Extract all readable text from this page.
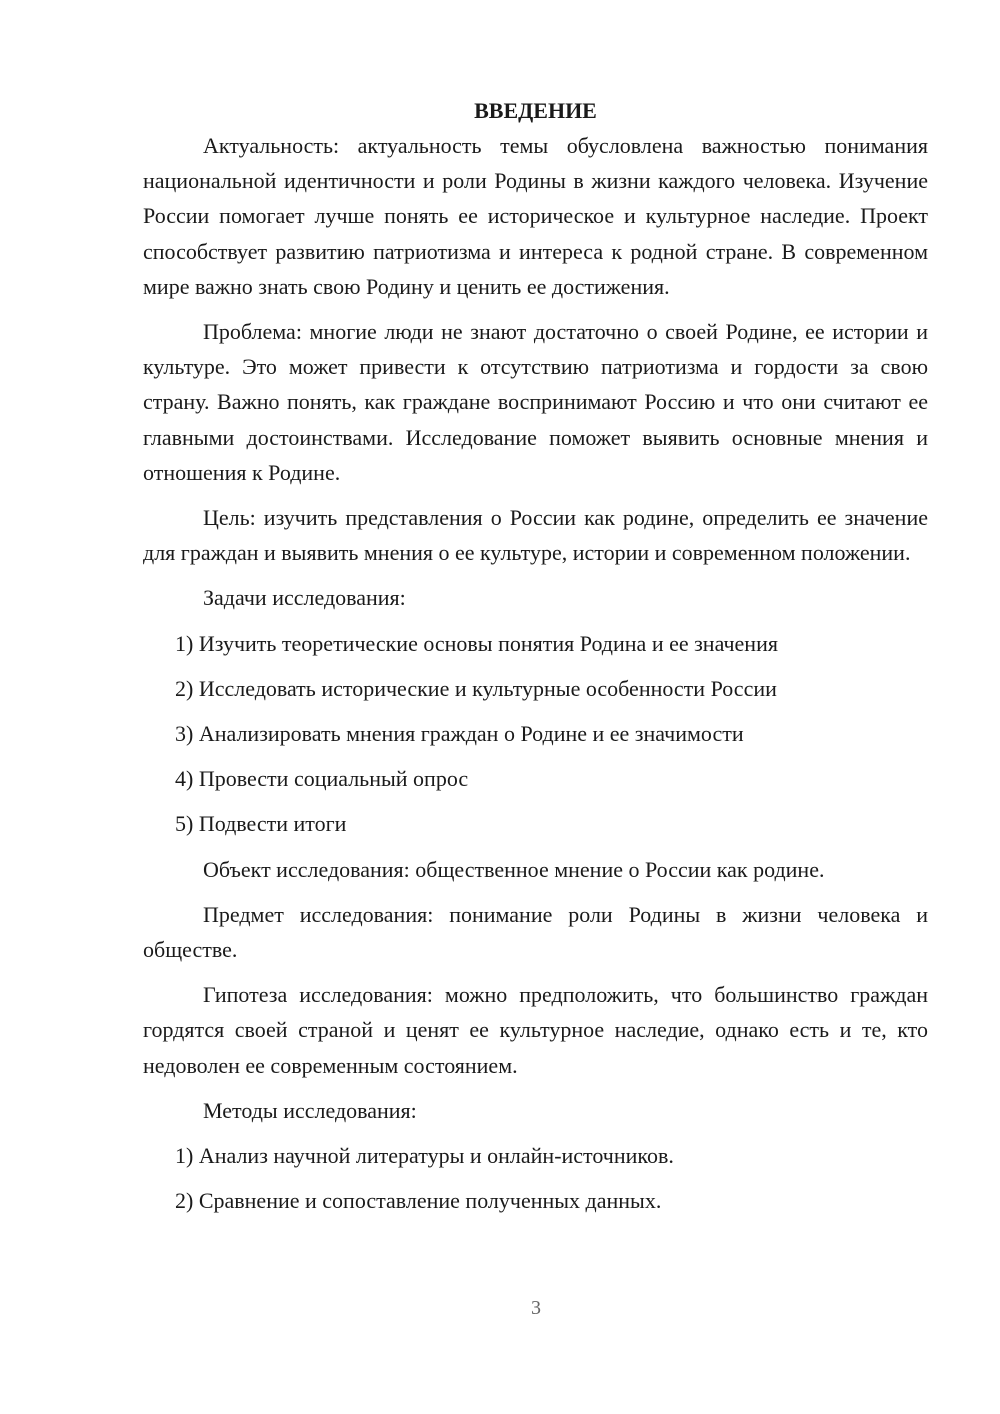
ВВЕДЕНИЕ

Актуальность: актуальность темы обусловлена важностью понимания национальной идентичности и роли Родины в жизни каждого человека. Изучение России помогает лучше понять ее историческое и культурное наследие. Проект способствует развитию патриотизма и интереса к родной стране. В современном мире важно знать свою Родину и ценить ее достижения.

Проблема: многие люди не знают достаточно о своей Родине, ее истории и культуре. Это может привести к отсутствию патриотизма и гордости за свою страну. Важно понять, как граждане воспринимают Россию и что они считают ее главными достоинствами. Исследование поможет выявить основные мнения и отношения к Родине.

Цель: изучить представления о России как родине, определить ее значение для граждан и выявить мнения о ее культуре, истории и современном положении.

Задачи исследования:

1) Изучить теоретические основы понятия Родина и ее значения
2) Исследовать исторические и культурные особенности России
3) Анализировать мнения граждан о Родине и ее значимости
4) Провести социальный опрос
5) Подвести итоги

Объект исследования: общественное мнение о России как родине.

Предмет исследования: понимание роли Родины в жизни человека и обществе.

Гипотеза исследования: можно предположить, что большинство граждан гордятся своей страной и ценят ее культурное наследие, однако есть и те, кто недоволен ее современным состоянием.

Методы исследования:

1) Анализ научной литературы и онлайн-источников.
2) Сравнение и сопоставление полученных данных.
3
